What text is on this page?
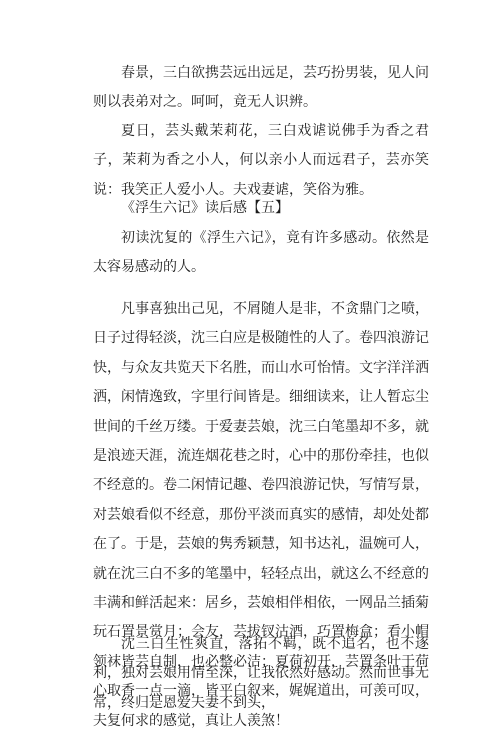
春景，三白欲携芸远出远足，芸巧扮男装，见人问则以表弟对之。呵呵，竟无人识辨。

夏日，芸头戴茉莉花，三白戏谑说佛手为香之君子，茉莉为香之小人，何以亲小人而远君子，芸亦笑说：我笑正人爱小人。夫戏妻谑，笑俗为雅。

《浮生六记》读后感【五】

初读沈复的《浮生六记》，竟有许多感动。依然是太容易感动的人。

凡事喜独出己见，不屑随人是非，不贪鼎门之喷，日子过得轻淡，沈三白应是极随性的人了。卷四浪游记快，与众友共览天下名胜，而山水可怡情。文字洋洋洒洒，闲情逸致，字里行间皆是。细细读来，让人暂忘尘世间的千丝万缕。于爱妻芸娘，沈三白笔墨却不多，就是浪迹天涯，流连烟花巷之时，心中的那份牵挂，也似不经意的。卷二闲情记趣、卷四浪游记快，写情写景，对芸娘看似不经意，那份平淡而真实的感情，却处处都在了。于是，芸娘的隽秀颖慧，知书达礼，温婉可人，就在沈三白不多的笔墨中，轻轻点出，就这么不经意的丰满和鲜活起来：居乡，芸娘相伴相依，一网品兰插菊玩石置景赏月；会友，芸拔钗沽酒，巧置梅盒；看小帽领袜皆芸自制，也必整必洁；夏荷初开，芸置条叶于荷心取香一点一滴，皆平白叙来，娓娓道出，可羡可叹，夫复何求的感觉，真让人羡煞！

沈三白生性爽直，落拓不羁，既不追名，也不逐利，独对芸娘用情至深，让我依然好感动。然而世事无常，终归是恩爱夫妻不到头，
